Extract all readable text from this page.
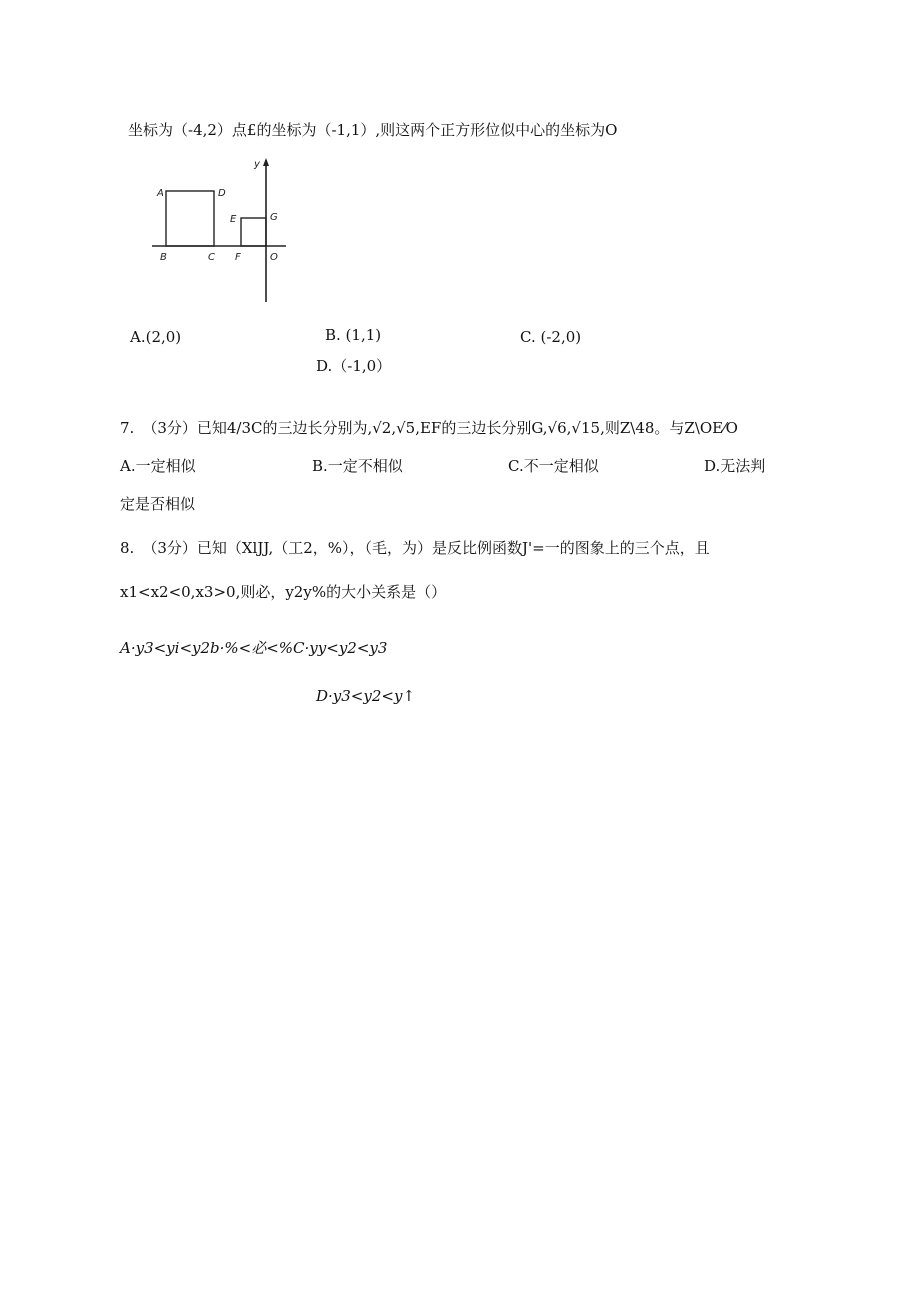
坐标为（-4,2）点£的坐标为（-1,1）,则这两个正方形位似中心的坐标为O
y
A	D
E	G
B	C F	O
A.(2,0)	B. (1,1)	C. (-2,0)
D.（-1,0）
7. （3分）已知4/3C的三边长分别为,√2,√5,EF的三边长分别G,√6,√15,则Z\48。与Z\OE⁄O
A.一定相似	B.一定不相似	C.不一定相似	D.无法判
定是否相似
8. （3分）已知（XlJJ,（工2，%），（毛，为）是反比例函数J'=一的图象上的三个点，且
x1<x2<0,x3>0,则必，y2y%的大小关系是（）
A·y3<yi<y2b·%<必<%C·yy<y2<y3
D·y3<y2<y↑
